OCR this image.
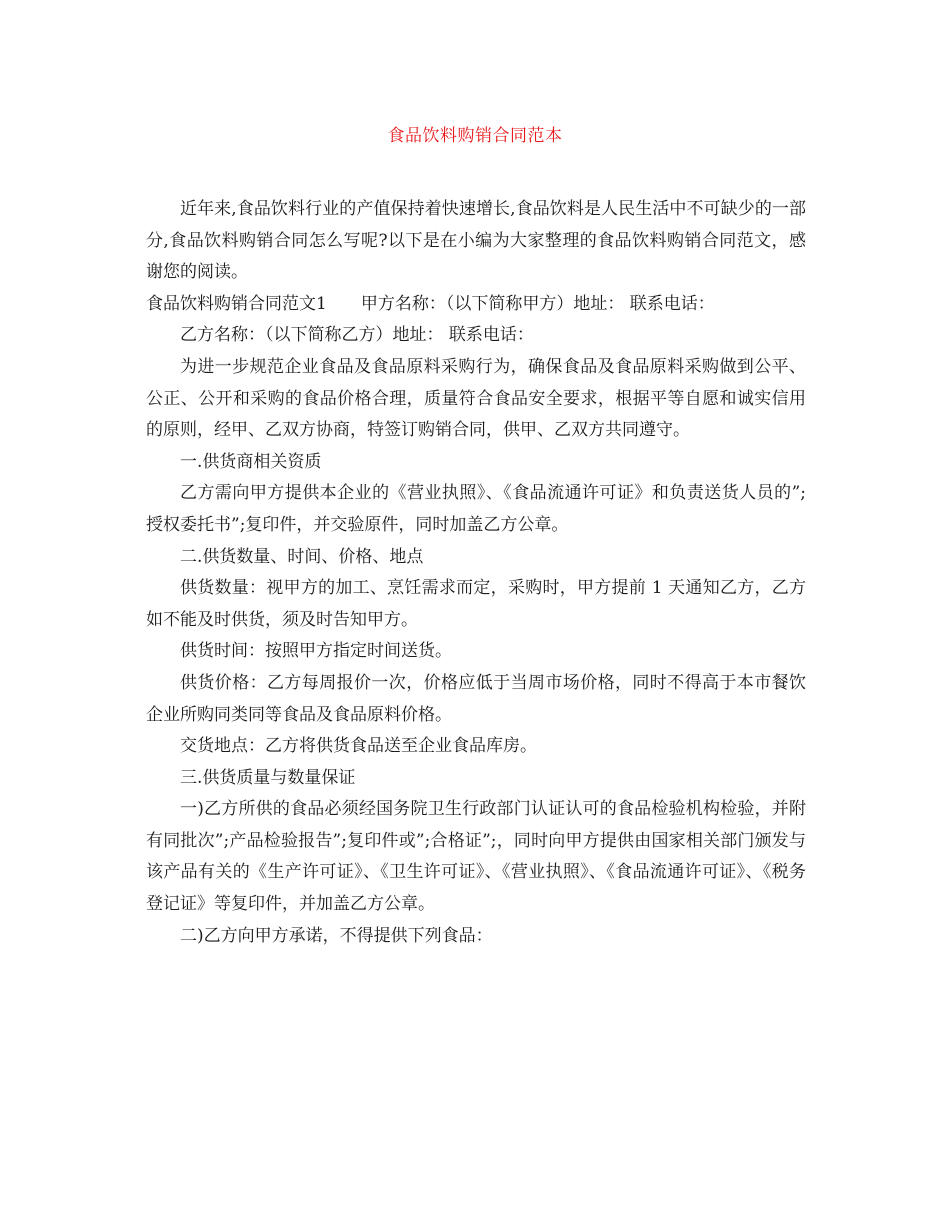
食品饮料购销合同范本

近年来,食品饮料行业的产值保持着快速增长,食品饮料是人民生活中不可缺少的一部分,食品饮料购销合同怎么写呢?以下是在小编为大家整理的食品饮料购销合同范文，感谢您的阅读。

食品饮料购销合同范文1 甲方名称：（以下简称甲方）地址： 联系电话：

乙方名称：（以下简称乙方）地址： 联系电话：

为进一步规范企业食品及食品原料采购行为，确保食品及食品原料采购做到公平、公正、公开和采购的食品价格合理，质量符合食品安全要求，根据平等自愿和诚实信用的原则，经甲、乙双方协商，特签订购销合同，供甲、乙双方共同遵守。

一.供货商相关资质

乙方需向甲方提供本企业的《营业执照》、《食品流通许可证》和负责送货人员的”;授权委托书”;复印件，并交验原件，同时加盖乙方公章。

二.供货数量、时间、价格、地点

供货数量：视甲方的加工、烹饪需求而定，采购时，甲方提前 1 天通知乙方，乙方如不能及时供货，须及时告知甲方。

供货时间：按照甲方指定时间送货。

供货价格：乙方每周报价一次，价格应低于当周市场价格，同时不得高于本市餐饮企业所购同类同等食品及食品原料价格。

交货地点：乙方将供货食品送至企业食品库房。

三.供货质量与数量保证

一)乙方所供的食品必须经国务院卫生行政部门认证认可的食品检验机构检验，并附有同批次”;产品检验报告”;复印件或”;合格证”;，同时向甲方提供由国家相关部门颁发与该产品有关的《生产许可证》、《卫生许可证》、《营业执照》、《食品流通许可证》、《税务登记证》等复印件，并加盖乙方公章。

二)乙方向甲方承诺，不得提供下列食品：
